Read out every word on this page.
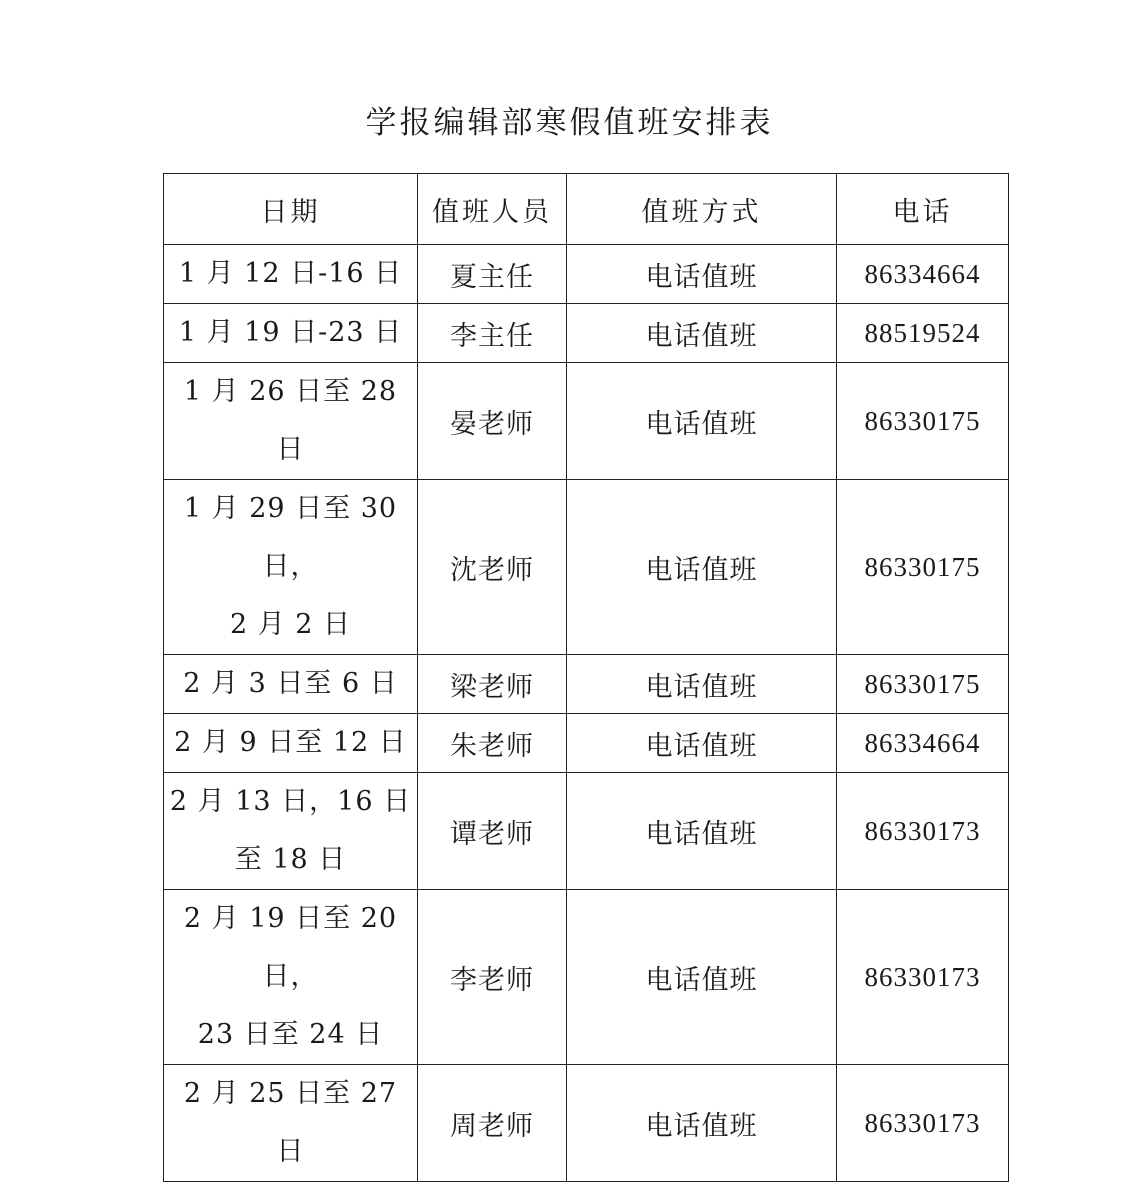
学报编辑部寒假值班安排表
日期	值班人员	值班方式	电话

1 月 12 日-16 日	夏主任	电话值班	86334664

1 月 19 日-23 日	李主任	电话值班	88519524

1 月 26 日至 28 日	晏老师	电话值班	86330175

1 月 29 日至 30 日，
2 月 2 日	沈老师	电话值班	86330175

2 月 3 日至 6 日	梁老师	电话值班	86330175

2 月 9 日至 12 日	朱老师	电话值班	86334664

2 月 13 日，16 日
至 18 日	谭老师	电话值班	86330173

2 月 19 日至 20 日，
23 日至 24 日	李老师	电话值班	86330173

2 月 25 日至 27 日	周老师	电话值班	86330173
